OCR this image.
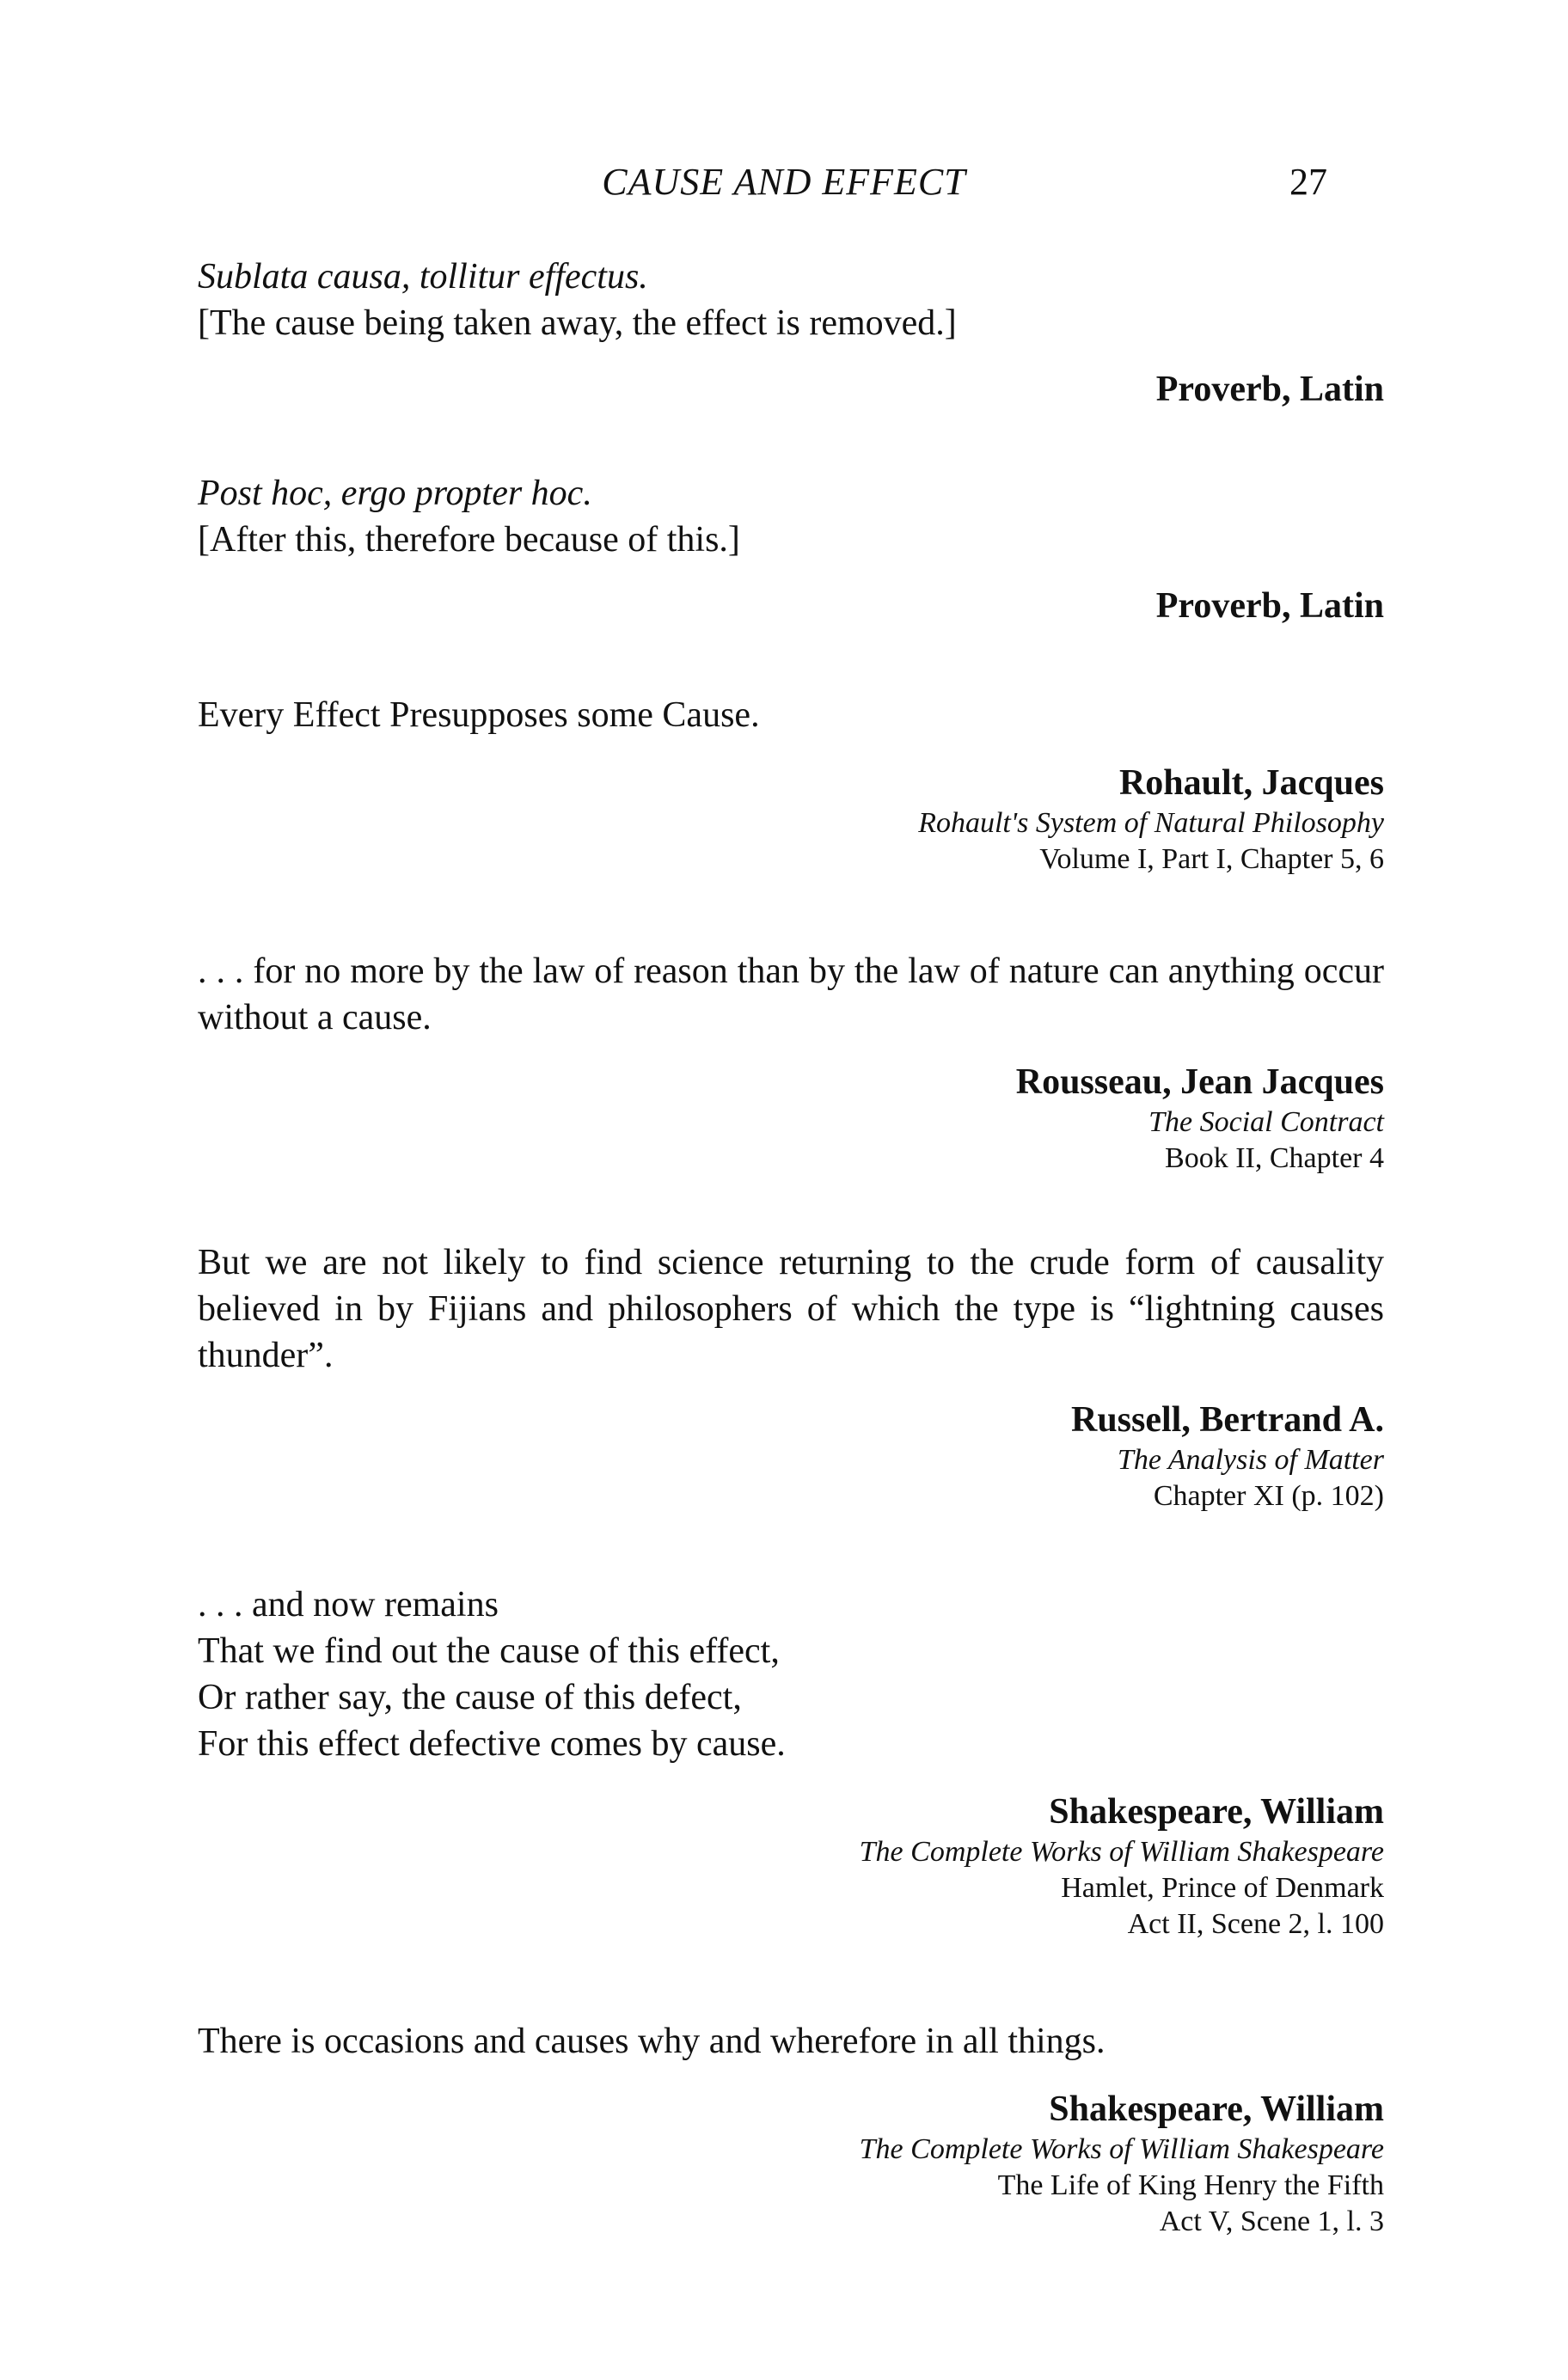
CAUSE AND EFFECT	27
Sublata causa, tollitur effectus.
[The cause being taken away, the effect is removed.]
Proverb, Latin
Post hoc, ergo propter hoc.
[After this, therefore because of this.]
Proverb, Latin
Every Effect Presupposes some Cause.
Rohault, Jacques
Rohault's System of Natural Philosophy
Volume I, Part I, Chapter 5, 6
. . . for no more by the law of reason than by the law of nature can anything occur without a cause.
Rousseau, Jean Jacques
The Social Contract
Book II, Chapter 4
But we are not likely to find science returning to the crude form of causality believed in by Fijians and philosophers of which the type is “lightning causes thunder”.
Russell, Bertrand A.
The Analysis of Matter
Chapter XI (p. 102)
. . . and now remains
That we find out the cause of this effect,
Or rather say, the cause of this defect,
For this effect defective comes by cause.
Shakespeare, William
The Complete Works of William Shakespeare
Hamlet, Prince of Denmark
Act II, Scene 2, l. 100
There is occasions and causes why and wherefore in all things.
Shakespeare, William
The Complete Works of William Shakespeare
The Life of King Henry the Fifth
Act V, Scene 1, l. 3
